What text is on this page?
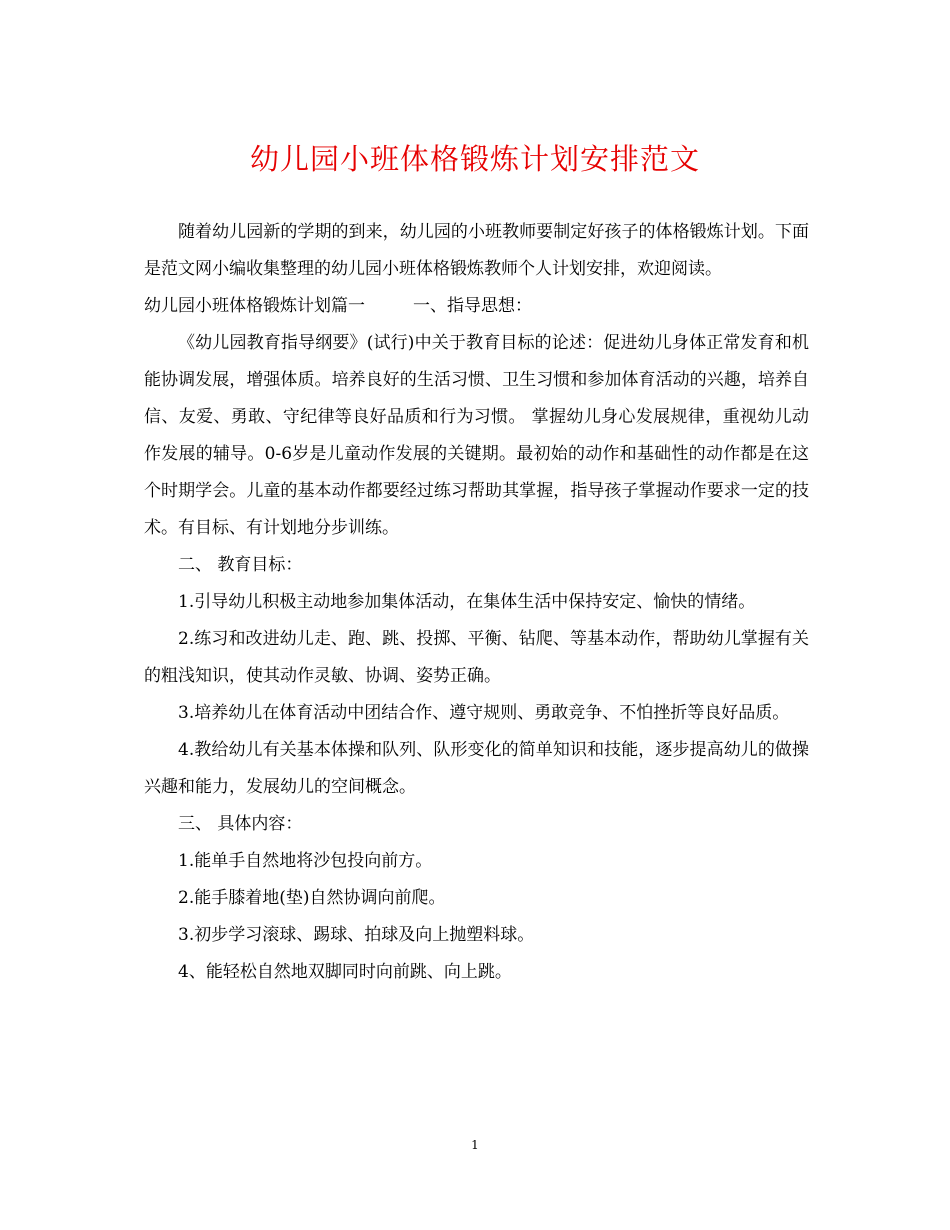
幼儿园小班体格锻炼计划安排范文

随着幼儿园新的学期的到来，幼儿园的小班教师要制定好孩子的体格锻炼计划。下面是范文网小编收集整理的幼儿园小班体格锻炼教师个人计划安排，欢迎阅读。

幼儿园小班体格锻炼计划篇一	一、指导思想：

《幼儿园教育指导纲要》(试行)中关于教育目标的论述：促进幼儿身体正常发育和机能协调发展，增强体质。培养良好的生活习惯、卫生习惯和参加体育活动的兴趣，培养自信、友爱、勇敢、守纪律等良好品质和行为习惯。 掌握幼儿身心发展规律，重视幼儿动作发展的辅导。0-6岁是儿童动作发展的关键期。最初始的动作和基础性的动作都是在这个时期学会。儿童的基本动作都要经过练习帮助其掌握，指导孩子掌握动作要求一定的技术。有目标、有计划地分步训练。

二、 教育目标：

1.引导幼儿积极主动地参加集体活动，在集体生活中保持安定、愉快的情绪。

2.练习和改进幼儿走、跑、跳、投掷、平衡、钻爬、等基本动作，帮助幼儿掌握有关的粗浅知识，使其动作灵敏、协调、姿势正确。

3.培养幼儿在体育活动中团结合作、遵守规则、勇敢竞争、不怕挫折等良好品质。

4.教给幼儿有关基本体操和队列、队形变化的简单知识和技能，逐步提高幼儿的做操兴趣和能力，发展幼儿的空间概念。

三、 具体内容：

1.能单手自然地将沙包投向前方。

2.能手膝着地(垫)自然协调向前爬。

3.初步学习滚球、踢球、拍球及向上抛塑料球。

4、能轻松自然地双脚同时向前跳、向上跳。

1
